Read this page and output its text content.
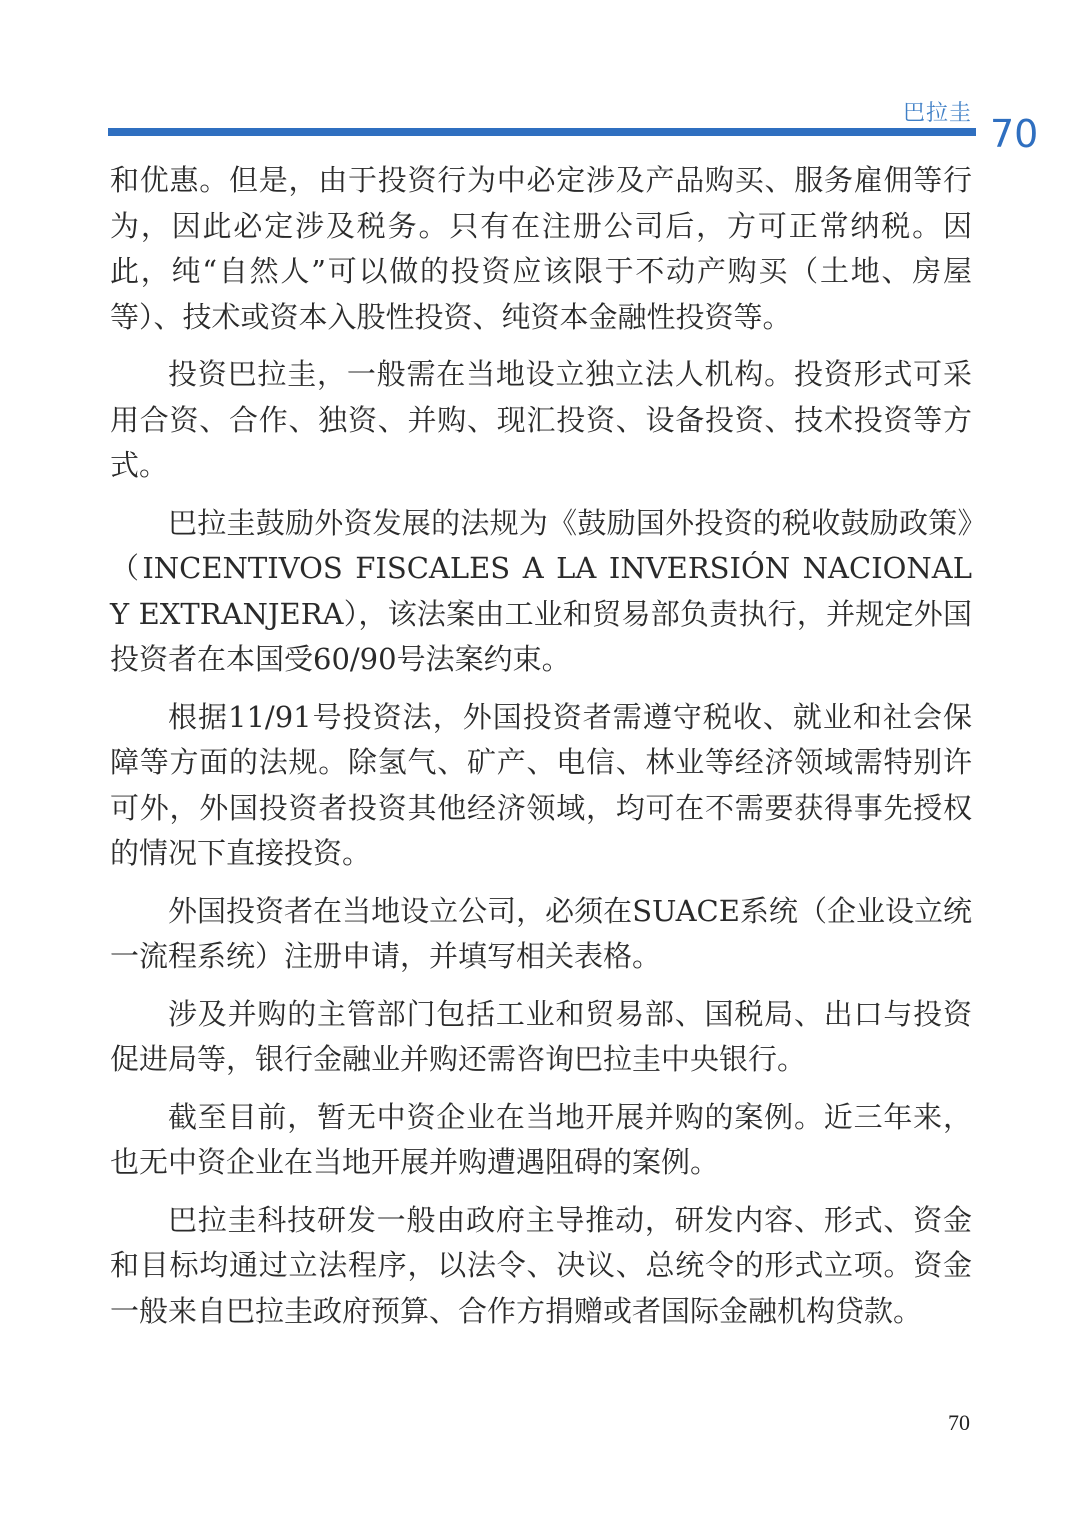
巴拉圭 70

和优惠。但是，由于投资行为中必定涉及产品购买、服务雇佣等行为，因此必定涉及税务。只有在注册公司后，方可正常纳税。因此，纯“自然人”可以做的投资应该限于不动产购买（土地、房屋等）、技术或资本入股性投资、纯资本金融性投资等。

投资巴拉圭，一般需在当地设立独立法人机构。投资形式可采用合资、合作、独资、并购、现汇投资、设备投资、技术投资等方式。

巴拉圭鼓励外资发展的法规为《鼓励国外投资的税收鼓励政策》（INCENTIVOS FISCALES A LA INVERSIÓN NACIONAL Y EXTRANJERA），该法案由工业和贸易部负责执行，并规定外国投资者在本国受60/90号法案约束。

根据11/91号投资法，外国投资者需遵守税收、就业和社会保障等方面的法规。除氢气、矿产、电信、林业等经济领域需特别许可外，外国投资者投资其他经济领域，均可在不需要获得事先授权的情况下直接投资。

外国投资者在当地设立公司，必须在SUACE系统（企业设立统一流程系统）注册申请，并填写相关表格。

涉及并购的主管部门包括工业和贸易部、国税局、出口与投资促进局等，银行金融业并购还需咨询巴拉圭中央银行。

截至目前，暂无中资企业在当地开展并购的案例。近三年来，也无中资企业在当地开展并购遭遇阻碍的案例。

巴拉圭科技研发一般由政府主导推动，研发内容、形式、资金和目标均通过立法程序，以法令、决议、总统令的形式立项。资金一般来自巴拉圭政府预算、合作方捐赠或者国际金融机构贷款。

70
